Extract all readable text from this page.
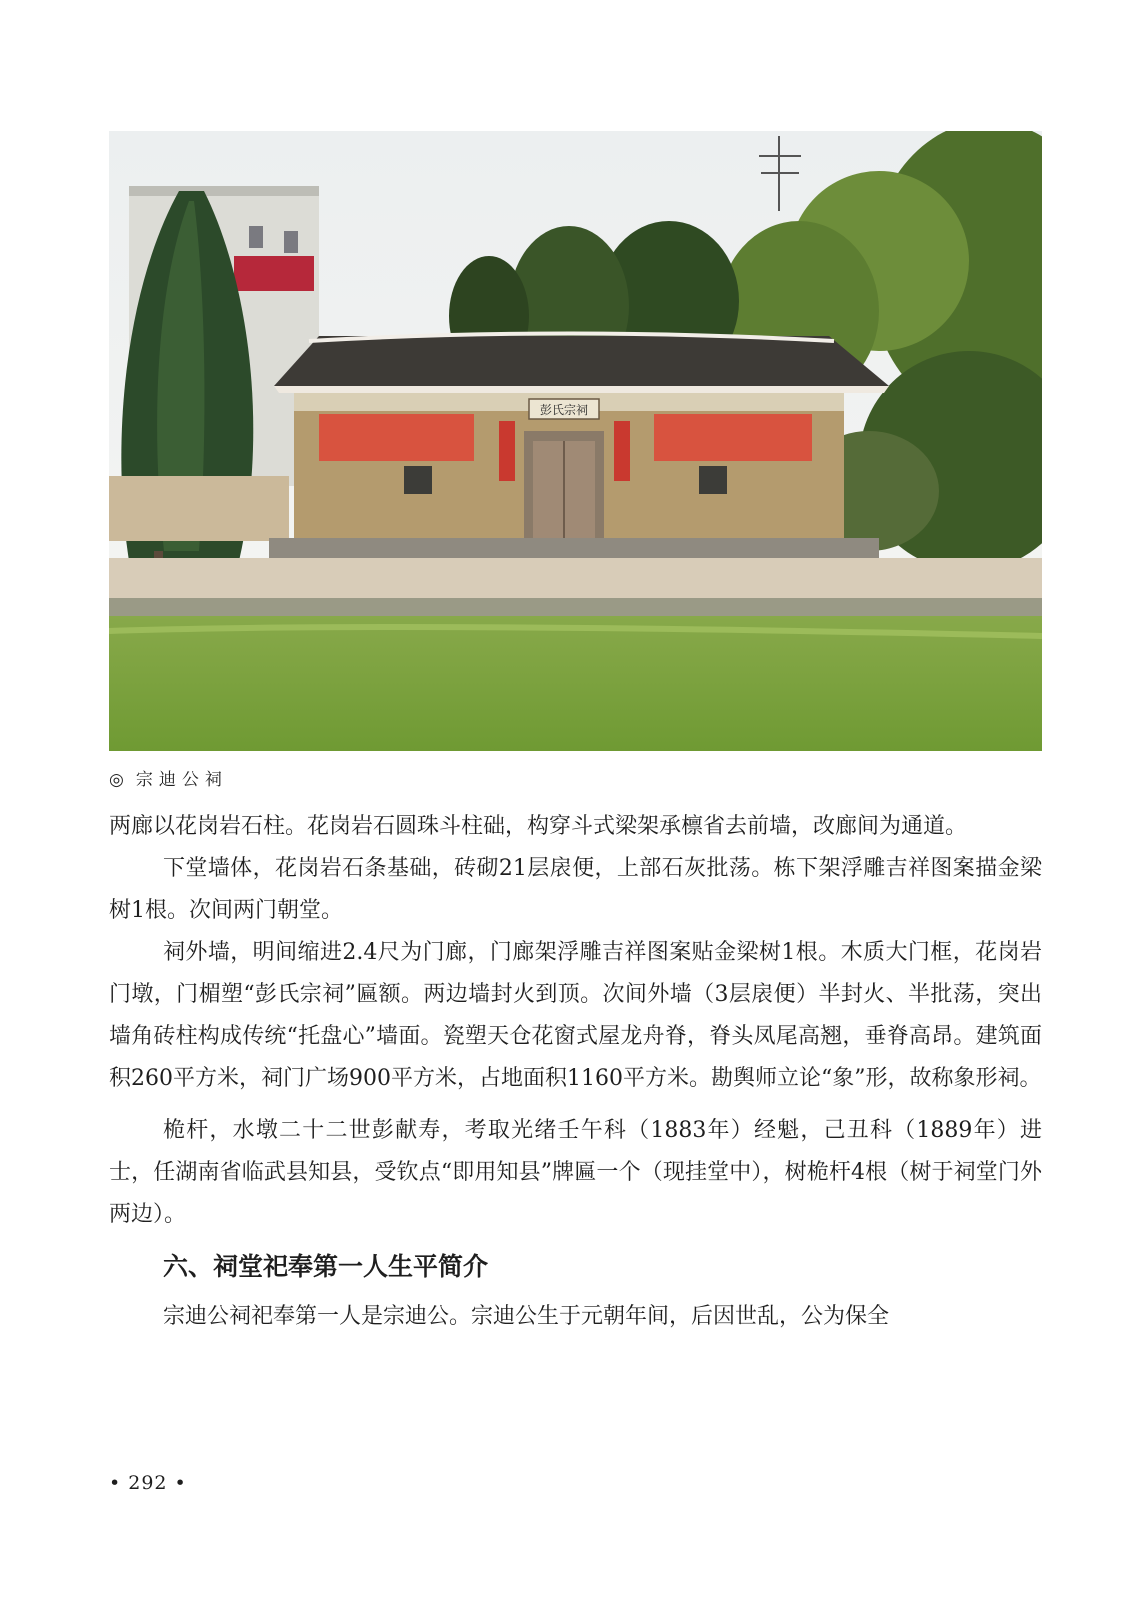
彭氏宗祠
◎ 宗迪公祠

两廊以花岗岩石柱。花岗岩石圆珠斗柱础，构穿斗式梁架承檩省去前墙，改廊间为通道。

下堂墙体，花岗岩石条基础，砖砌21层扆便，上部石灰批荡。栋下架浮雕吉祥图案描金梁树1根。次间两门朝堂。

祠外墙，明间缩进2.4尺为门廊，门廊架浮雕吉祥图案贴金梁树1根。木质大门框，花岗岩门墩，门楣塑“彭氏宗祠”匾额。两边墙封火到顶。次间外墙（3层扆便）半封火、半批荡，突出墙角砖柱构成传统“托盘心”墙面。瓷塑天仓花窗式屋龙舟脊，脊头凤尾高翘，垂脊高昂。建筑面积260平方米，祠门广场900平方米，占地面积1160平方米。勘舆师立论“象”形，故称象形祠。

桅杆，水墩二十二世彭献寿，考取光绪壬午科（1883年）经魁，己丑科（1889年）进士，任湖南省临武县知县，受钦点“即用知县”牌匾一个（现挂堂中），树桅杆4根（树于祠堂门外两边）。

六、祠堂祀奉第一人生平简介

宗迪公祠祀奉第一人是宗迪公。宗迪公生于元朝年间，后因世乱，公为保全

• 292 •
